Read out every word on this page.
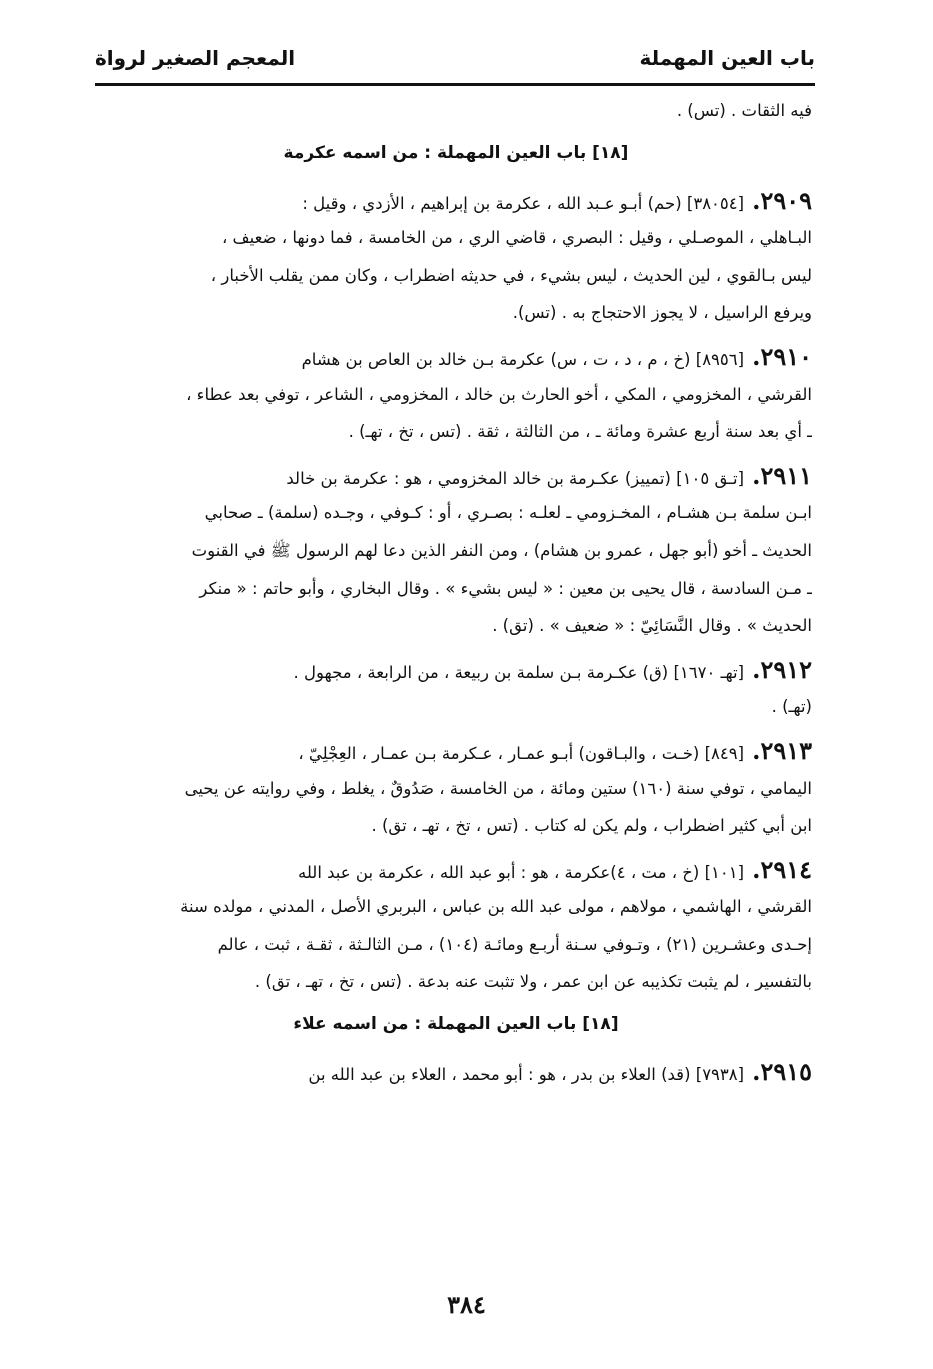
باب العين المهملة
المعجم الصغير لرواة
فيه الثقات . (تس) .
[١٨] باب العين المهملة : من اسمه عكرمة
٢٩٠٩.[٣٨٠٥٤] (حم) أبـو عـبد الله ، عكرمة بن إبراهيم ، الأزدي ، وقيل :
البـاهلي ، الموصـلي ، وقيل : البصري ، قاضي الري ، من الخامسة ، فما دونها ، ضعيف ،
ليس بـالقوي ، لين الحديث ، ليس بشيء ، في حديثه اضطراب ، وكان ممن يقلب الأخبار ،
ويرفع الراسيل ، لا يجوز الاحتجاج به . (تس).
٢٩١٠.[٨٩٥٦] (خ ، م ، د ، ت ، س) عكرمة بـن خالد بن العاص بن هشام
القرشي ، المخزومي ، المكي ، أخو الحارث بن خالد ، المخزومي ، الشاعر ، توفي بعد عطاء ،
ـ أي بعد سنة أربع عشرة ومائة ـ ، من الثالثة ، ثقة . (تس ، تخ ، تهـ) .
٢٩١١.[تـق ١٠٥] (تمييز) عكـرمة بن خالد المخزومي ، هو : عكرمة بن خالد
ابـن سلمة بـن هشـام ، المخـزومي ـ لعلـه : بصـري ، أو : كـوفي ، وجـده (سلمة) ـ صحابي
الحديث ـ أخو (أبو جهل ، عمرو بن هشام) ، ومن النفر الذين دعا لهم الرسول ﷺ في القنوت
ـ مـن السادسة ، قال يحيى بن معين : « ليس بشيء » . وقال البخاري ، وأبو حاتم : « منكر
الحديث » . وقال النَّسَائِيّ : « ضعيف » . (تق) .
٢٩١٢.[تهـ ١٦٧٠] (ق) عكـرمة بـن سلمة بن ربيعة ، من الرابعة ، مجهول .
(تهـ) .
٢٩١٣.[٨٤٩] (خـت ، والبـاقون) أبـو عمـار ، عـكرمة بـن عمـار ، العِجْلِيّ ،
اليمامي ، توفي سنة (١٦٠) ستين ومائة ، من الخامسة ، صَدُوقٌ ، يغلط ، وفي روايته عن يحيى
ابن أبي كثير اضطراب ، ولم يكن له كتاب . (تس ، تخ ، تهـ ، تق) .
٢٩١٤.[١٠١] (خ ، مت ، ٤)عكرمة ، هو : أبو عبد الله ، عكرمة بن عبد الله
القرشي ، الهاشمي ، مولاهم ، مولى عبد الله بن عباس ، البربري الأصل ، المدني ، مولده سنة
إحـدى وعشـرين (٢١) ، وتـوفي سـنة أربـع ومائـة (١٠٤) ، مـن الثالـثة ، ثقـة ، ثبت ، عالم
بالتفسير ، لم يثبت تكذيبه عن ابن عمر ، ولا تثبت عنه بدعة . (تس ، تخ ، تهـ ، تق) .
[١٨] باب العين المهملة : من اسمه علاء
٢٩١٥.[٧٩٣٨] (قد) العلاء بن بدر ، هو : أبو محمد ، العلاء بن عبد الله بن
٣٨٤
